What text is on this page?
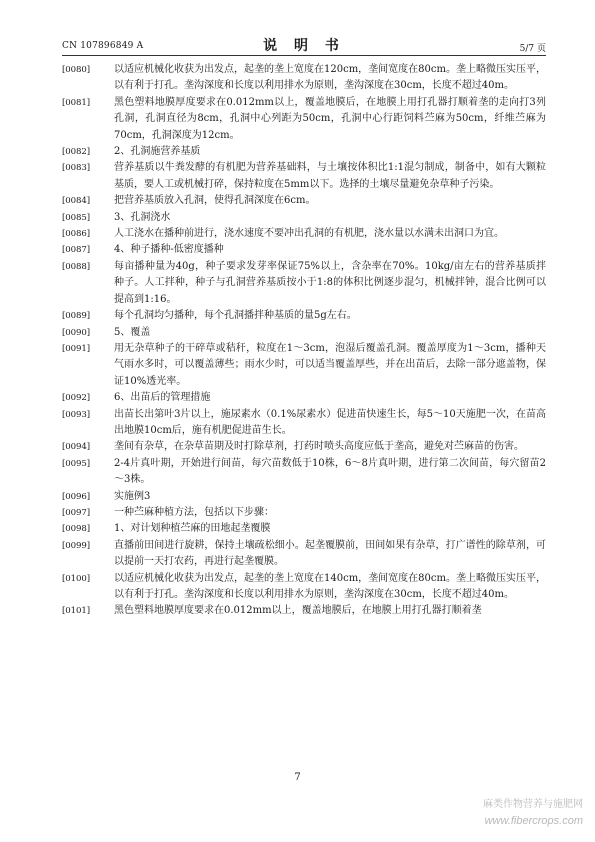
CN 107896849 A	说 明 书	5/7 页
[0080]	以适应机械化收获为出发点，起垄的垄上宽度在120cm，垄间宽度在80cm。垄上略微压实压平，以有利于打孔。垄沟深度和长度以利用排水为原则，垄沟深度在30cm，长度不超过40m。
[0081]	黑色塑料地膜厚度要求在0.012mm以上，覆盖地膜后，在地膜上用打孔器打顺着垄的走向打3列孔洞，孔洞直径为8cm，孔洞中心列距为50cm，孔洞中心行距饲料苎麻为50cm，纤维苎麻为70cm，孔洞深度为12cm。
[0082]	2、孔洞施营养基质
[0083]	营养基质以牛粪发酵的有机肥为营养基础料，与土壤按体积比1:1混匀制成，制备中，如有大颗粒基质，要人工或机械打碎，保持粒度在5mm以下。选择的土壤尽量避免杂草种子污染。
[0084]	把营养基质放入孔洞，使得孔洞深度在6cm。
[0085]	3、孔洞浇水
[0086]	人工浇水在播种前进行，浇水速度不要冲出孔洞的有机肥，浇水量以水满未出洞口为宜。
[0087]	4、种子播种-低密度播种
[0088]	每亩播种量为40g，种子要求发芽率保证75%以上，含杂率在70%。10kg/亩左右的营养基质拌种子。人工拌种，种子与孔洞营养基质按小于1:8的体积比例逐步混匀，机械拌钟，混合比例可以提高到1:16。
[0089]	每个孔洞均匀播种，每个孔洞播拌种基质的量5g左右。
[0090]	5、覆盖
[0091]	用无杂草种子的干碎草或秸秆，粒度在1～3cm，泡湿后覆盖孔洞。覆盖厚度为1～3cm，播种天气雨水多时，可以覆盖薄些；雨水少时，可以适当覆盖厚些，并在出苗后，去除一部分遮盖物，保证10%透光率。
[0092]	6、出苗后的管理措施
[0093]	出苗长出第叶3片以上，施尿素水（0.1%尿素水）促进苗快速生长，每5～10天施肥一次，在苗高出地膜10cm后，施有机肥促进苗生长。
[0094]	垄间有杂草，在杂草苗期及时打除草剂，打药时喷头高度应低于垄高，避免对苎麻苗的伤害。
[0095]	2-4片真叶期，开始进行间苗，每穴苗数低于10株，6～8片真叶期，进行第二次间苗，每穴留苗2～3株。
[0096]	实施例3
[0097]	一种苎麻种植方法，包括以下步骤：
[0098]	1、对计划种植苎麻的田地起垄覆膜
[0099]	直播前田间进行旋耕，保持土壤疏松细小。起垄覆膜前，田间如果有杂草，打广谱性的除草剂，可以提前一天打农药，再进行起垄覆膜。
[0100]	以适应机械化收获为出发点，起垄的垄上宽度在140cm，垄间宽度在80cm。垄上略微压实压平，以有利于打孔。垄沟深度和长度以利用排水为原则，垄沟深度在30cm，长度不超过40m。
[0101]	黑色塑料地膜厚度要求在0.012mm以上，覆盖地膜后，在地膜上用打孔器打顺着垄
7
麻类作物营养与施肥网
www.fibercrops.com
